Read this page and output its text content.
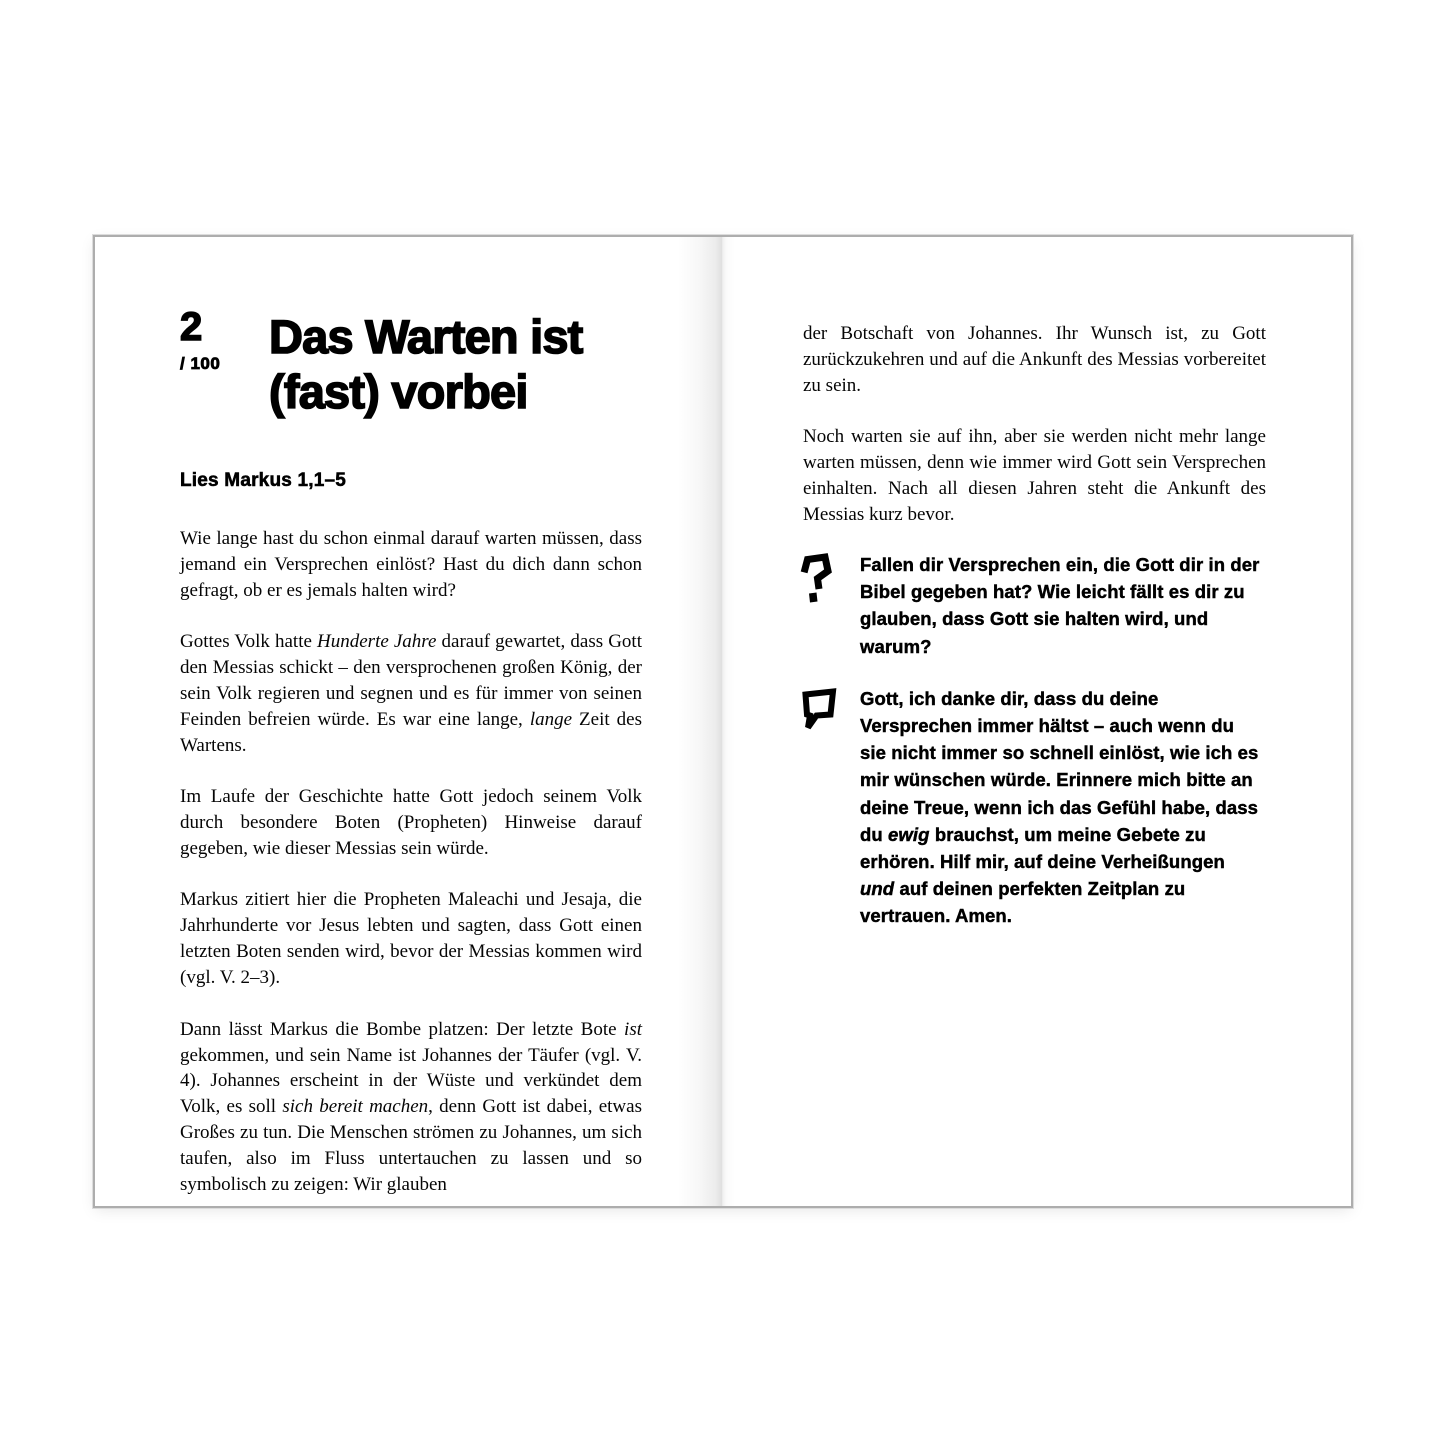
2
/ 100
Das Warten ist
(fast) vorbei
Lies Markus 1,1–5

Wie lange hast du schon einmal darauf warten müssen, dass jemand ein Versprechen einlöst? Hast du dich dann schon gefragt, ob er es jemals halten wird?

Gottes Volk hatte Hunderte Jahre darauf gewartet, dass Gott den Messias schickt – den versprochenen großen König, der sein Volk regieren und segnen und es für immer von seinen Feinden befreien würde. Es war eine lange, lange Zeit des Wartens.

Im Laufe der Geschichte hatte Gott jedoch seinem Volk durch besondere Boten (Propheten) Hinweise darauf gegeben, wie dieser Messias sein würde.

Markus zitiert hier die Propheten Maleachi und Jesaja, die Jahrhunderte vor Jesus lebten und sagten, dass Gott einen letzten Boten senden wird, bevor der Messias kommen wird (vgl. V. 2–3).

Dann lässt Markus die Bombe platzen: Der letzte Bote ist gekommen, und sein Name ist Johannes der Täufer (vgl. V. 4). Johannes erscheint in der Wüste und verkündet dem Volk, es soll sich bereit machen, denn Gott ist dabei, etwas Großes zu tun. Die Menschen strömen zu Johannes, um sich taufen, also im Fluss untertauchen zu lassen und so symbolisch zu zeigen: Wir glauben

der Botschaft von Johannes. Ihr Wunsch ist, zu Gott zurückzukehren und auf die Ankunft des Messias vorbereitet zu sein.

Noch warten sie auf ihn, aber sie werden nicht mehr lange warten müssen, denn wie immer wird Gott sein Versprechen einhalten. Nach all diesen Jahren steht die Ankunft des Messias kurz bevor.

Fallen dir Versprechen ein, die Gott dir in der Bibel gegeben hat? Wie leicht fällt es dir zu glauben, dass Gott sie halten wird, und warum?

Gott, ich danke dir, dass du deine Versprechen immer hältst – auch wenn du sie nicht immer so schnell einlöst, wie ich es mir wünschen würde. Erinnere mich bitte an deine Treue, wenn ich das Gefühl habe, dass du ewig brauchst, um meine Gebete zu erhören. Hilf mir, auf deine Verheißungen und auf deinen perfekten Zeitplan zu vertrauen. Amen.
